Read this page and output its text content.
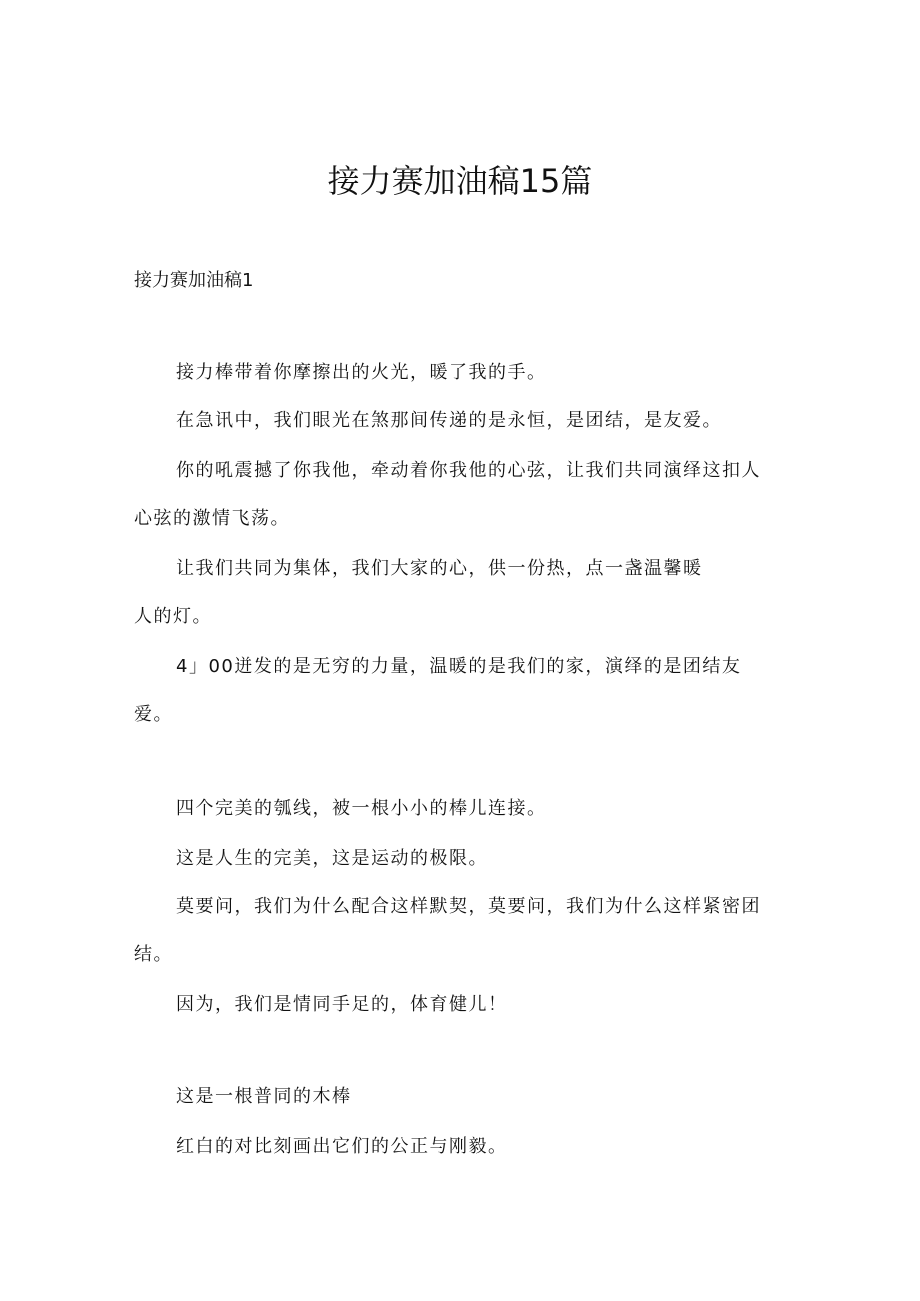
接力赛加油稿15篇

接力赛加油稿1

接力棒带着你摩擦出的火光，暖了我的手。

在急讯中，我们眼光在煞那间传递的是永恒，是团结，是友爱。

你的吼震撼了你我他，牵动着你我他的心弦，让我们共同演绎这扣人

心弦的激情飞荡。

让我们共同为集体，我们大家的心，供一份热，点一盏温馨暖

人的灯。

4」00迸发的是无穷的力量，温暖的是我们的家，演绎的是团结友

爱。

四个完美的瓠线，被一根小小的棒儿连接。

这是人生的完美，这是运动的极限。

莫要问，我们为什么配合这样默契，莫要问，我们为什么这样紧密团

结。

因为，我们是情同手足的，体育健儿！

这是一根普同的木棒

红白的对比刻画出它们的公正与刚毅。
